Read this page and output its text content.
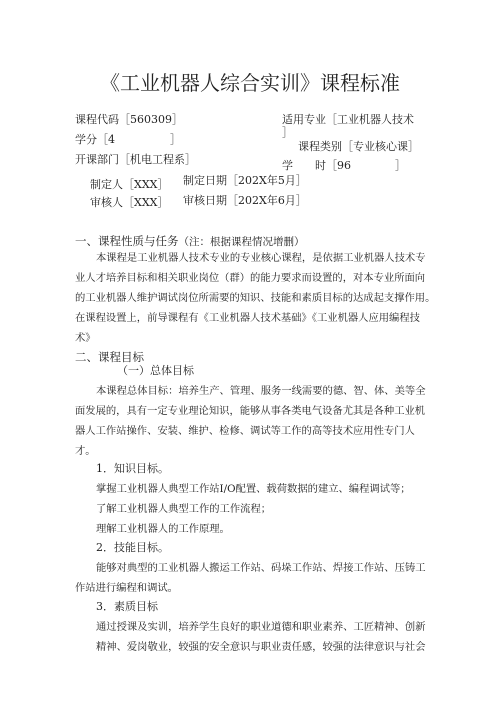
《工业机器人综合实训》课程标准
课程代码［560309］	适用专业［工业机器人技术
］
学分［4　　　　　］
课程类别［专业核心课］
开课部门［机电工程系］	学　　时［96　　　　］
制定人［XXX］ 制定日期［202X年5月］
审核人［XXX］ 审核日期［202X年6月］
一、课程性质与任务（注：根据课程情况增删）
本课程是工业机器人技术专业的专业核心课程，是依据工业机器人技术专
业人才培养目标和相关职业岗位（群）的能力要求而设置的，对本专业所面向
的工业机器人维护调试岗位所需要的知识、技能和素质目标的达成起支撑作用。
在课程设置上，前导课程有《工业机器人技术基础》《工业机器人应用编程技
术》
二、课程目标
（一）总体目标
本课程总体目标：培养生产、管理、服务一线需要的德、智、体、美等全
面发展的，具有一定专业理论知识，能够从事各类电气设备尤其是各种工业机
器人工作站操作、安装、维护、检修、调试等工作的高等技术应用性专门人
才。
1．知识目标。
掌握工业机器人典型工作站I/O配置、载荷数据的建立、编程调试等；
了解工业机器人典型工作的工作流程；
理解工业机器人的工作原理。
2．技能目标。
能够对典型的工业机器人搬运工作站、码垛工作站、焊接工作站、压铸工
作站进行编程和调试。
3．素质目标
通过授课及实训，培养学生良好的职业道德和职业素养、工匠精神、创新
精神、爱岗敬业，较强的安全意识与职业责任感，较强的法律意识与社会
